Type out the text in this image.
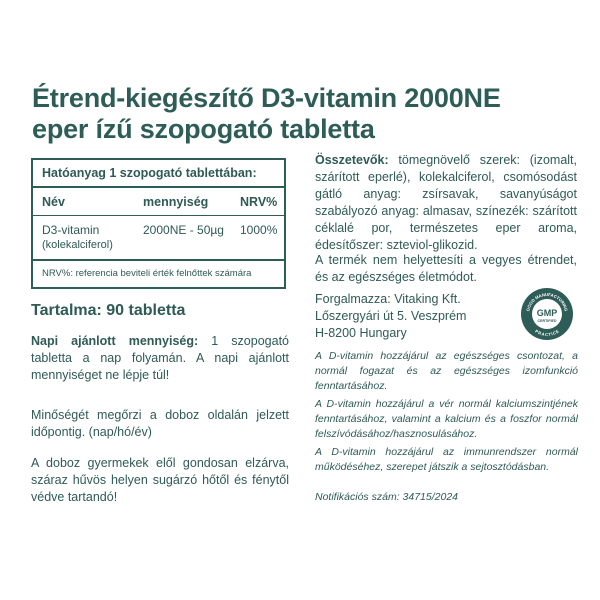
Étrend-kiegészítő D3-vitamin 2000NE
eper ízű szopogató tabletta
Hatóanyag 1 szopogató tablettában:
Név	mennyiség	NRV%
D3-vitamin
(kolekalciferol)
2000NE - 50µg 1000%
NRV%: referencia beviteli érték felnőttek számára
Tartalma: 90 tabletta
Napi ajánlott mennyiség: 1 szopogató tabletta a nap folyamán. A napi ajánlott mennyiséget ne lépje túl!
Minőségét megőrzi a doboz oldalán jelzett időpontig. (nap/hó/év)
A doboz gyermekek elől gondosan elzárva, száraz hűvös helyen sugárzó hőtől és fénytől védve tartandó!
Összetevők: tömegnövelő szerek: (izomalt, szárított eperlé), kolekalciferol, csomósodást gátló anyag: zsírsavak, savanyúságot szabályozó anyag: almasav, színezék: szárított céklalé por, természetes eper aroma, édesítőszer: szteviol-glikozid.
A termék nem helyettesíti a vegyes étrendet, és az egészséges életmódot.
Forgalmazza: Vitaking Kft.
Lőszergyári út 5. Veszprém
H-8200 Hungary
GOOD MANUFACTURING
PRACTICE
GMP
CERTIFIED
A D-vitamin hozzájárul az egészséges csontozat, a normál fogazat és az egészséges izomfunkció fenntartásához.
A D-vitamin hozzájárul a vér normál kalciumszintjének fenntartásához, valamint a kalcium és a foszfor normál felszívódásához/hasznosulásához.
A D-vitamin hozzájárul az immunrendszer normál működéséhez, szerepet játszik a sejtosztódásban.
Notifikációs szám: 34715/2024
